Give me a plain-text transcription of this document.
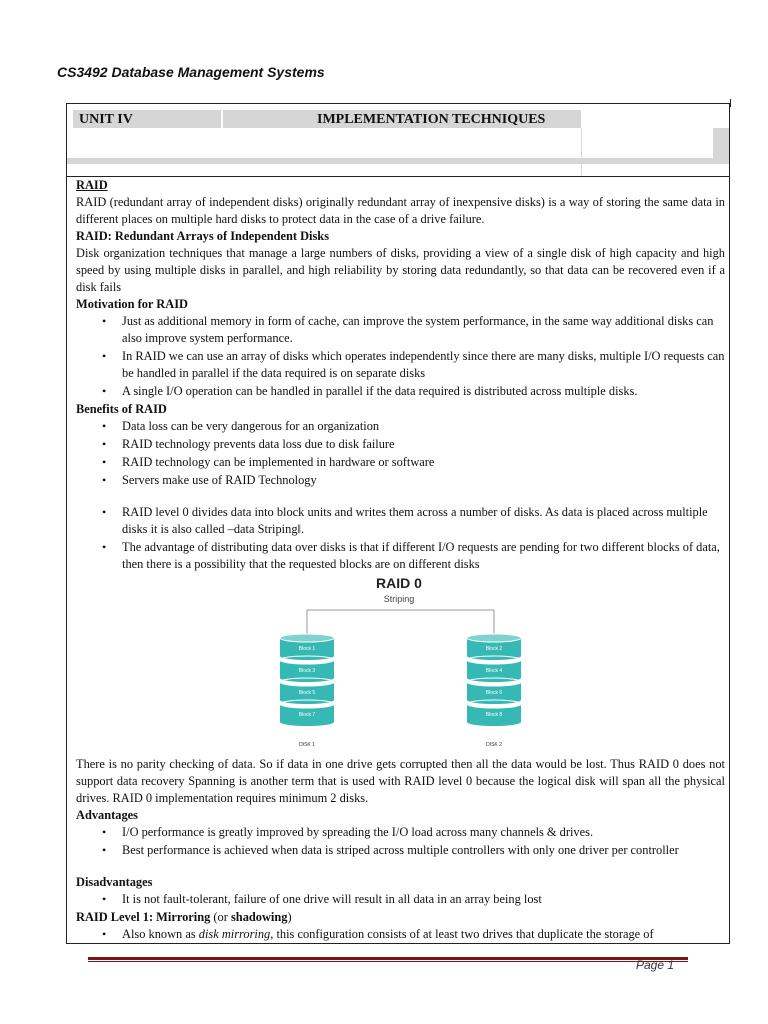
CS3492 Database Management Systems
UNIT IV	IMPLEMENTATION TECHNIQUES

RAID

RAID (redundant array of independent disks) originally redundant array of inexpensive disks) is a way of storing the same data in different places on multiple hard disks to protect data in the case of a drive failure.

RAID: Redundant Arrays of Independent Disks

Disk organization techniques that manage a large numbers of disks, providing a view of a single disk of high capacity and high speed by using multiple disks in parallel, and high reliability by storing data redundantly, so that data can be recovered even if a disk fails

Motivation for RAID

• Just as additional memory in form of cache, can improve the system performance, in the same way additional disks can also improve system performance.
• In RAID we can use an array of disks which operates independently since there are many disks, multiple I/O requests can be handled in parallel if the data required is on separate disks
• A single I/O operation can be handled in parallel if the data required is distributed across multiple disks.

Benefits of RAID

• Data loss can be very dangerous for an organization
• RAID technology prevents data loss due to disk failure
• RAID technology can be implemented in hardware or software
• Servers make use of RAID Technology
• RAID level 0 divides data into block units and writes them across a number of disks. As data is placed across multiple disks it is also called –data Striping‖.
• The advantage of distributing data over disks is that if different I/O requests are pending for two different blocks of data, then there is a possibility that the requested blocks are on different disks
RAID 0
Striping
Block 1
Block 3
Block 5
Block 7
Block 2
Block 4
Block 6
Block 8
DISK 1	DISK 2

There is no parity checking of data. So if data in one drive gets corrupted then all the data would be lost. Thus RAID 0 does not support data recovery Spanning is another term that is used with RAID level 0 because the logical disk will span all the physical drives. RAID 0 implementation requires minimum 2 disks.

Advantages

• I/O performance is greatly improved by spreading the I/O load across many channels & drives.
• Best performance is achieved when data is striped across multiple controllers with only one driver per controller

Disadvantages

• It is not fault-tolerant, failure of one drive will result in all data in an array being lost

RAID Level 1: Mirroring (or shadowing)

• Also known as disk mirroring, this configuration consists of at least two drives that duplicate the storage of
Page 1
